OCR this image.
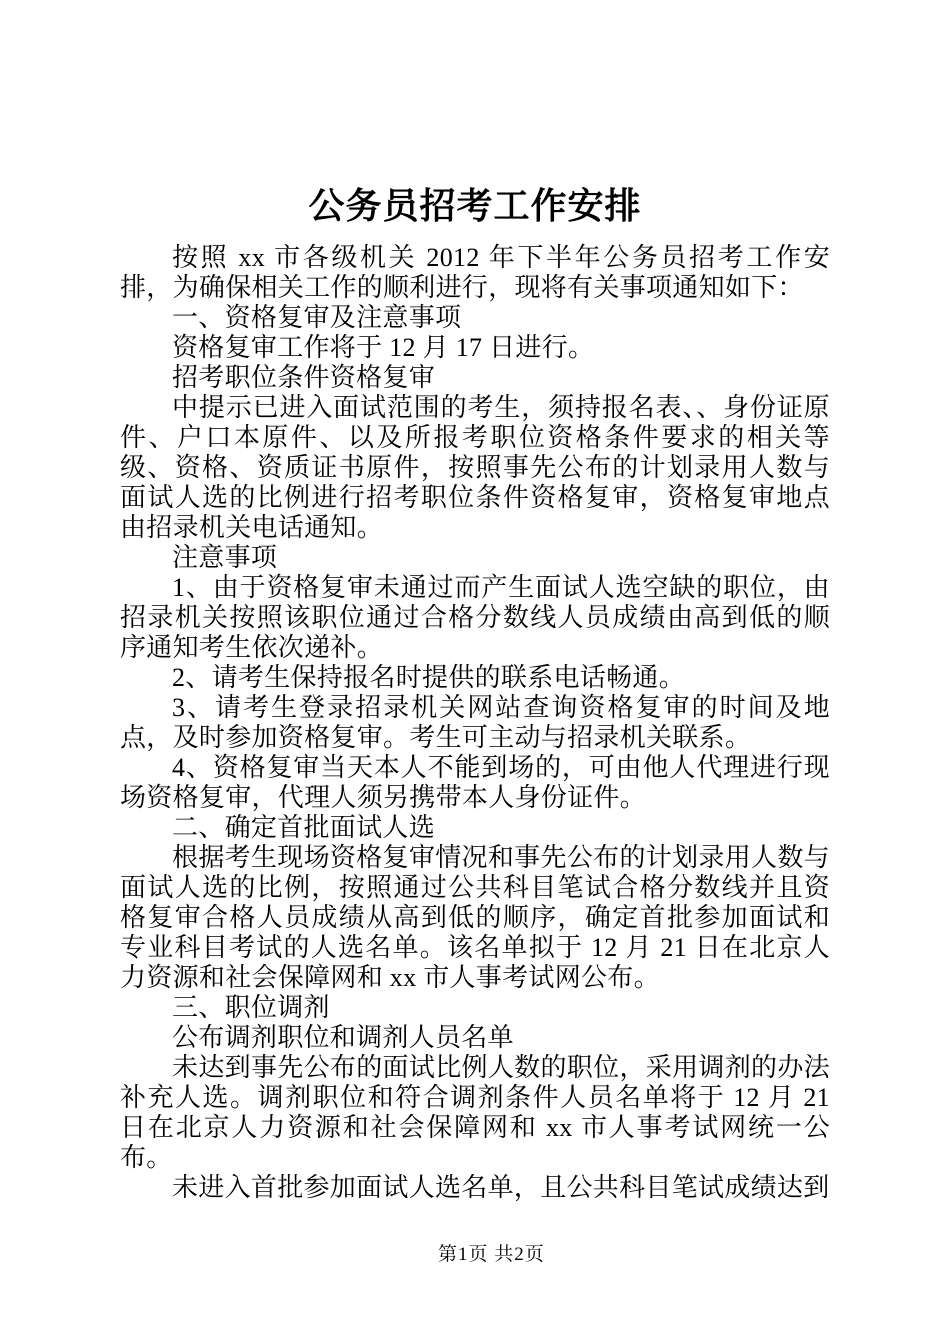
公务员招考工作安排

按照 xx 市各级机关 2012 年下半年公务员招考工作安排，为确保相关工作的顺利进行，现将有关事项通知如下：

一、资格复审及注意事项

资格复审工作将于 12 月 17 日进行。

招考职位条件资格复审

中提示已进入面试范围的考生，须持报名表、、身份证原件、户口本原件、以及所报考职位资格条件要求的相关等级、资格、资质证书原件，按照事先公布的计划录用人数与面试人选的比例进行招考职位条件资格复审，资格复审地点由招录机关电话通知。

注意事项

1、由于资格复审未通过而产生面试人选空缺的职位，由招录机关按照该职位通过合格分数线人员成绩由高到低的顺序通知考生依次递补。

2、请考生保持报名时提供的联系电话畅通。

3、请考生登录招录机关网站查询资格复审的时间及地点，及时参加资格复审。考生可主动与招录机关联系。

4、资格复审当天本人不能到场的，可由他人代理进行现场资格复审，代理人须另携带本人身份证件。

二、确定首批面试人选

根据考生现场资格复审情况和事先公布的计划录用人数与面试人选的比例，按照通过公共科目笔试合格分数线并且资格复审合格人员成绩从高到低的顺序，确定首批参加面试和专业科目考试的人选名单。该名单拟于 12 月 21 日在北京人力资源和社会保障网和 xx 市人事考试网公布。

三、职位调剂

公布调剂职位和调剂人员名单

未达到事先公布的面试比例人数的职位，采用调剂的办法补充人选。调剂职位和符合调剂条件人员名单将于 12 月 21 日在北京人力资源和社会保障网和 xx 市人事考试网统一公布。

未进入首批参加面试人选名单，且公共科目笔试成绩达到

第1页 共2页
